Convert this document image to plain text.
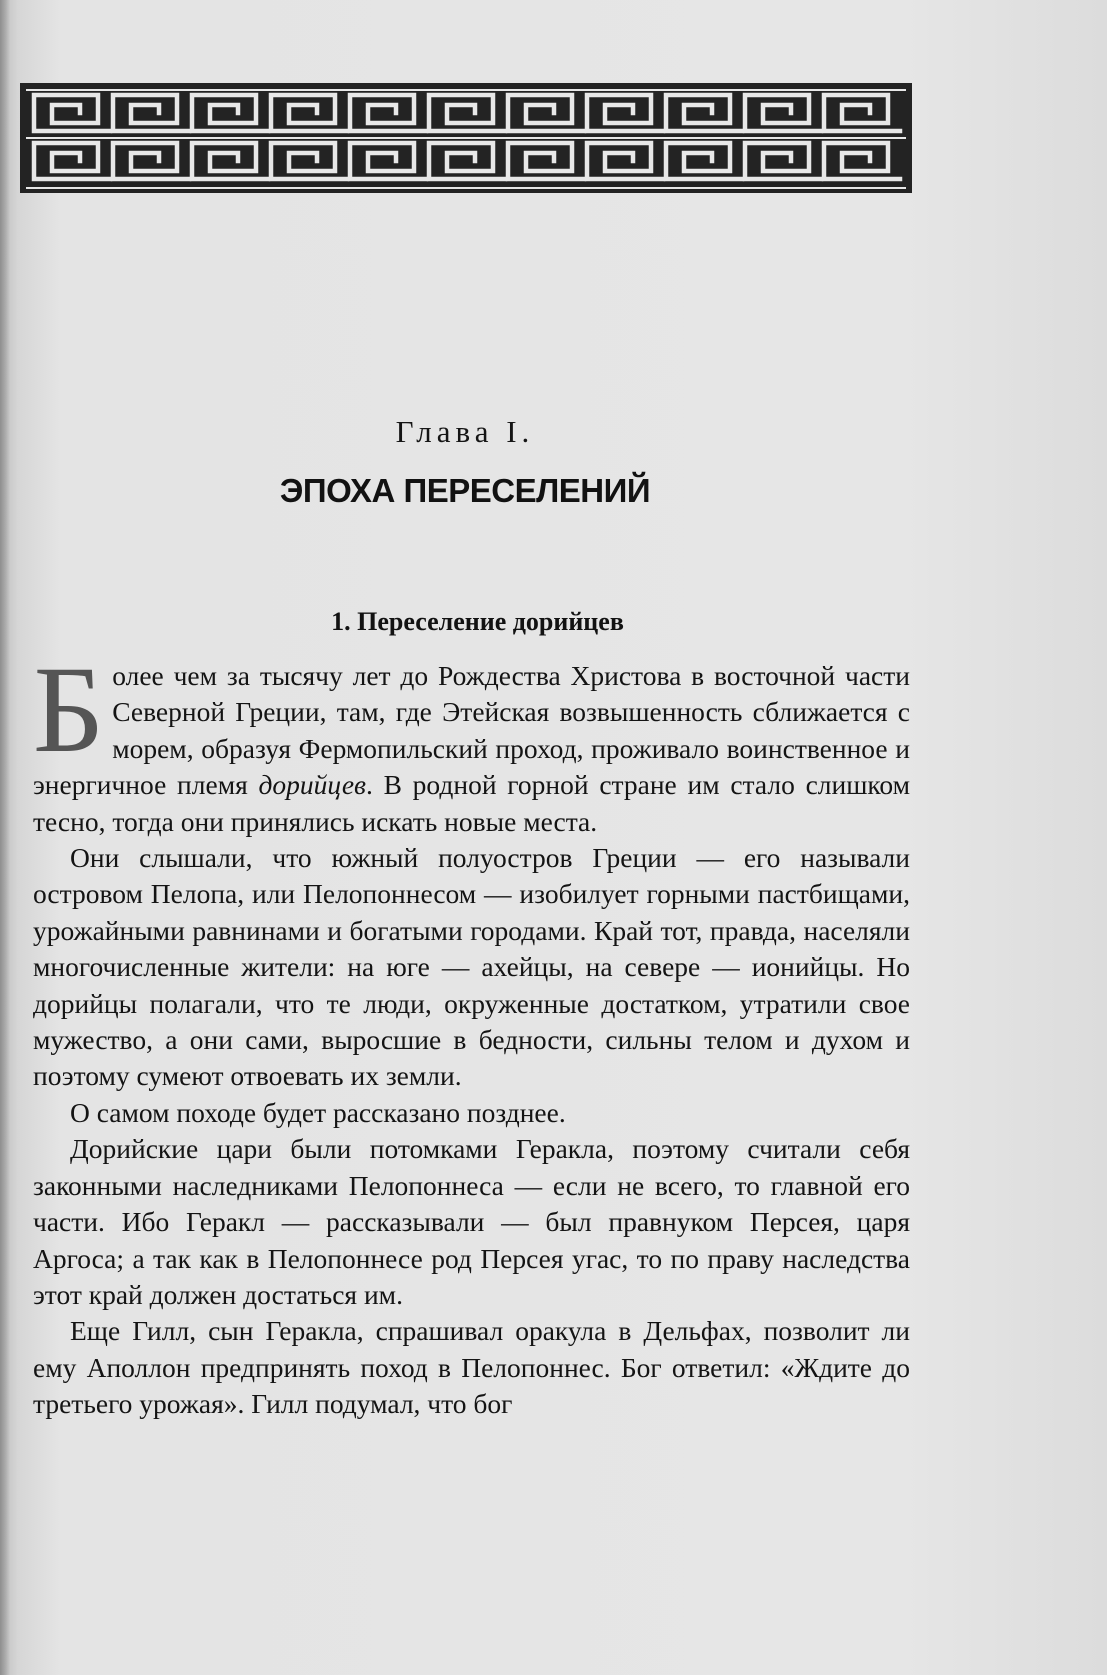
Глава I.
ЭПОХА ПЕРЕСЕЛЕНИЙ
1. Переселение дорийцев

Более чем за тысячу лет до Рождества Христова в восточной части Северной Греции, там, где Этейская возвышенность сближается с морем, образуя Фермопильский проход, проживало воинственное и энергичное племя дорийцев. В родной горной стране им стало слишком тесно, тогда они принялись искать новые места.

Они слышали, что южный полуостров Греции — его называли островом Пелопа, или Пелопоннесом — изобилует горными пастбищами, урожайными равнинами и богатыми городами. Край тот, правда, населяли многочисленные жители: на юге — ахейцы, на севере — ионийцы. Но дорийцы полагали, что те люди, окруженные достатком, утратили свое мужество, а они сами, выросшие в бедности, сильны телом и духом и поэтому сумеют отвоевать их земли.

О самом походе будет рассказано позднее.

Дорийские цари были потомками Геракла, поэтому считали себя законными наследниками Пелопоннеса — если не всего, то главной его части. Ибо Геракл — рассказывали — был правнуком Персея, царя Аргоса; а так как в Пелопоннесе род Персея угас, то по праву наследства этот край должен достаться им.

Еще Гилл, сын Геракла, спрашивал оракула в Дельфах, позволит ли ему Аполлон предпринять поход в Пелопоннес. Бог ответил: «Ждите до третьего урожая». Гилл подумал, что бог
